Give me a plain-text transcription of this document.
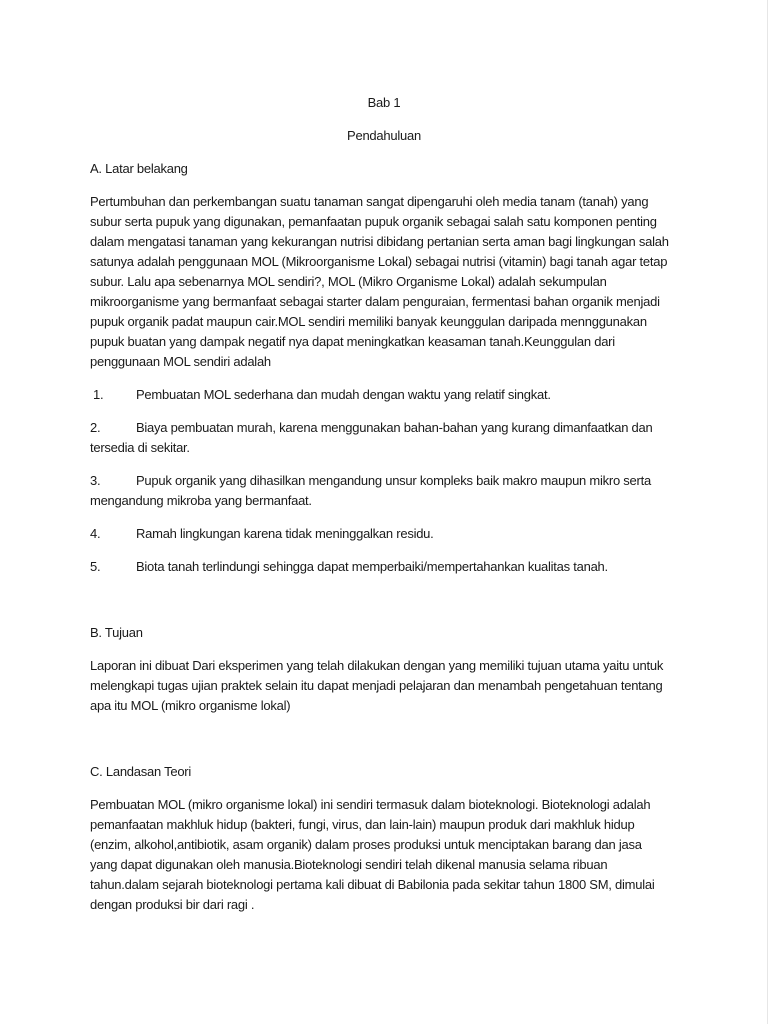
Bab 1
Pendahuluan
A. Latar belakang
Pertumbuhan dan perkembangan suatu tanaman sangat dipengaruhi oleh media tanam (tanah) yang
subur serta pupuk yang digunakan, pemanfaatan pupuk organik sebagai salah satu komponen penting
dalam mengatasi tanaman yang kekurangan nutrisi dibidang pertanian serta aman bagi lingkungan salah
satunya adalah penggunaan MOL (Mikroorganisme Lokal) sebagai nutrisi (vitamin) bagi tanah agar tetap
subur. Lalu apa sebenarnya MOL sendiri?, MOL (Mikro Organisme Lokal) adalah sekumpulan
mikroorganisme yang bermanfaat sebagai starter dalam penguraian, fermentasi bahan organik menjadi
pupuk organik padat maupun cair.MOL sendiri memiliki banyak keunggulan daripada mennggunakan
pupuk buatan yang dampak negatif nya dapat meningkatkan keasaman tanah.Keunggulan dari
penggunaan MOL sendiri adalah
1.	Pembuatan MOL sederhana dan mudah dengan waktu yang relatif singkat.
2.	Biaya pembuatan murah, karena menggunakan bahan-bahan yang kurang dimanfaatkan dan
tersedia di sekitar.
3.	Pupuk organik yang dihasilkan mengandung unsur kompleks baik makro maupun mikro serta
mengandung mikroba yang bermanfaat.
4.	Ramah lingkungan karena tidak meninggalkan residu.
5.	Biota tanah terlindungi sehingga dapat memperbaiki/mempertahankan kualitas tanah.
B. Tujuan
Laporan ini dibuat Dari eksperimen yang telah dilakukan dengan yang memiliki tujuan utama yaitu untuk
melengkapi tugas ujian praktek selain itu dapat menjadi pelajaran dan menambah pengetahuan tentang
apa itu MOL (mikro organisme lokal)
C. Landasan Teori
Pembuatan MOL (mikro organisme lokal) ini sendiri termasuk dalam bioteknologi. Bioteknologi adalah
pemanfaatan makhluk hidup (bakteri, fungi, virus, dan lain-lain) maupun produk dari makhluk hidup
(enzim, alkohol,antibiotik, asam organik) dalam proses produksi untuk menciptakan barang dan jasa
yang dapat digunakan oleh manusia.Bioteknologi sendiri telah dikenal manusia selama ribuan
tahun.dalam sejarah bioteknologi pertama kali dibuat di Babilonia pada sekitar tahun 1800 SM, dimulai
dengan produksi bir dari ragi .
